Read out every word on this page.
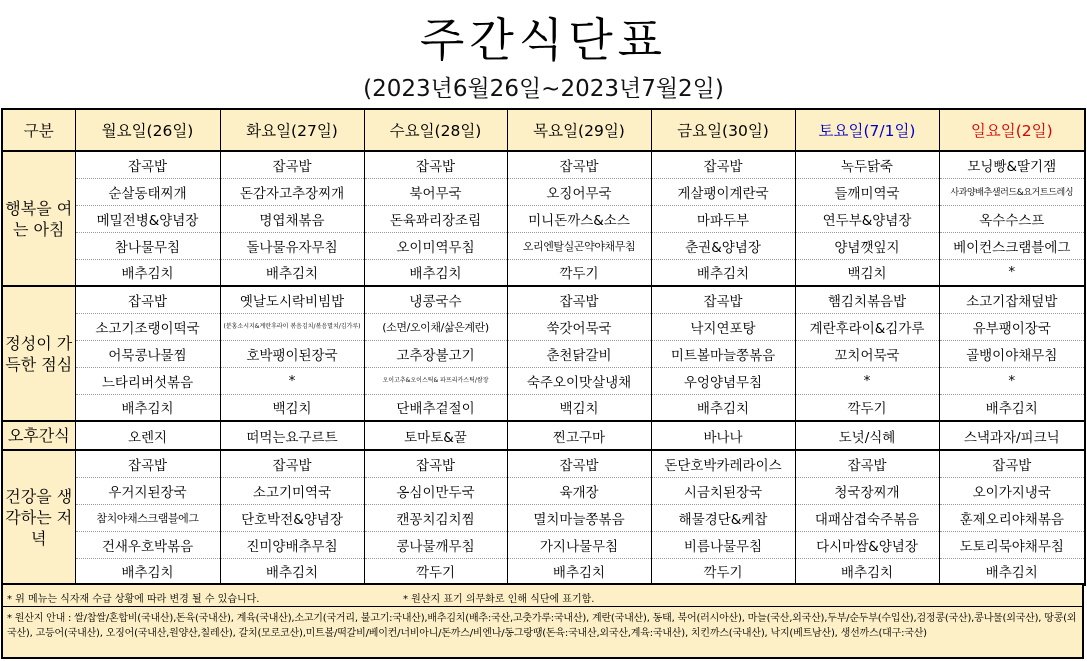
주간식단표
(2023년6월26일~2023년7월2일)
구분	월요일(26일)	화요일(27일)	수요일(28일)	목요일(29일)	금요일(30일)	토요일(7/1일)	일요일(2일)
행복을 여는 아침	잡곡밥	잡곡밥	잡곡밥	잡곡밥	잡곡밥	녹두닭죽	모닝빵&딸기잼
	순살동태찌개	돈감자고추장찌개	북어무국	오징어무국	게살팽이계란국	들깨미역국	사과양배추샐러드&요거트드레싱
	메밀전병&양념장	명엽채볶음	돈육꽈리장조림	미니돈까스&소스	마파두부	연두부&양념장	옥수수스프
	참나물무침	돌나물유자무침	오이미역무침	오리엔탈실곤약야채무침	춘권&양념장	양념깻잎지	베이컨스크램블에그
	배추김치	배추김치	배추김치	깍두기	배추김치	백김치	*
정성이 가득한 점심	잡곡밥	옛날도시락비빔밥	냉콩국수	잡곡밥	잡곡밥	햄김치볶음밥	소고기잡채덮밥
	소고기조랭이떡국	(분홍소시지&계란후라이 볶음김치/볶음멸치/김가루)	(소면/오이채/삶은계란)	쑥갓어묵국	낙지연포탕	계란후라이&김가루	유부팽이장국
	어묵콩나물찜	호박팽이된장국	고추장불고기	춘천닭갈비	미트볼마늘쫑볶음	꼬치어묵국	골뱅이야채무침
	느타리버섯볶음	*	오이고추&오이스틱& 파프리카스틱/쌈장	숙주오이맛살냉채	우엉양념무침	*	*
	배추김치	백김치	단배추겉절이	백김치	배추김치	깍두기	배추김치
오후간식	오렌지	떠먹는요구르트	토마토&꿀	찐고구마	바나나	도넛/식혜	스낵과자/피크닉
건강을 생각하는 저녁	잡곡밥	잡곡밥	잡곡밥	잡곡밥	돈단호박카레라이스	잡곡밥	잡곡밥
	우거지된장국	소고기미역국	옹심이만두국	육개장	시금치된장국	청국장찌개	오이가지냉국
	참치야채스크램블에그	단호박전&양념장	캔꽁치김치찜	멸치마늘쫑볶음	해물경단&케찹	대패삼겹숙주볶음	훈제오리야채볶음
	건새우호박볶음	진미양배추무침	콩나물깨무침	가지나물무침	비름나물무침	다시마쌈&양념장	도토리묵야채무침
	배추김치	배추김치	깍두기	배추김치	깍두기	배추김치	배추김치
* 위 메뉴는 식자재 수급 상황에 따라 변경 될 수 있습니다.	* 원산지 표기 의무화로 인해 식단에 표기함.
* 원산지 안내 : 쌀/찹쌀/혼합비(국내산),돈육(국내산), 계육(국내산),소고기(국거리, 불고기:국내산),배추김치(배추:국산,고춧가루:국내산), 계란(국내산), 동태, 북어(러시아산), 마늘(국산,외국산),두부/순두부(수입산),검정콩(국산),콩나물(외국산), 땅콩(외국산), 고등어(국내산), 오징어(국내산,원양산,칠레산), 갈치(모로코산),미트볼/떡갈비/베이컨/너비아니/돈까스/비엔나/동그랑땡(돈육:국내산,외국산,계육:국내산), 치킨까스(국내산), 낙지(베트남산), 생선까스(대구:국산)
